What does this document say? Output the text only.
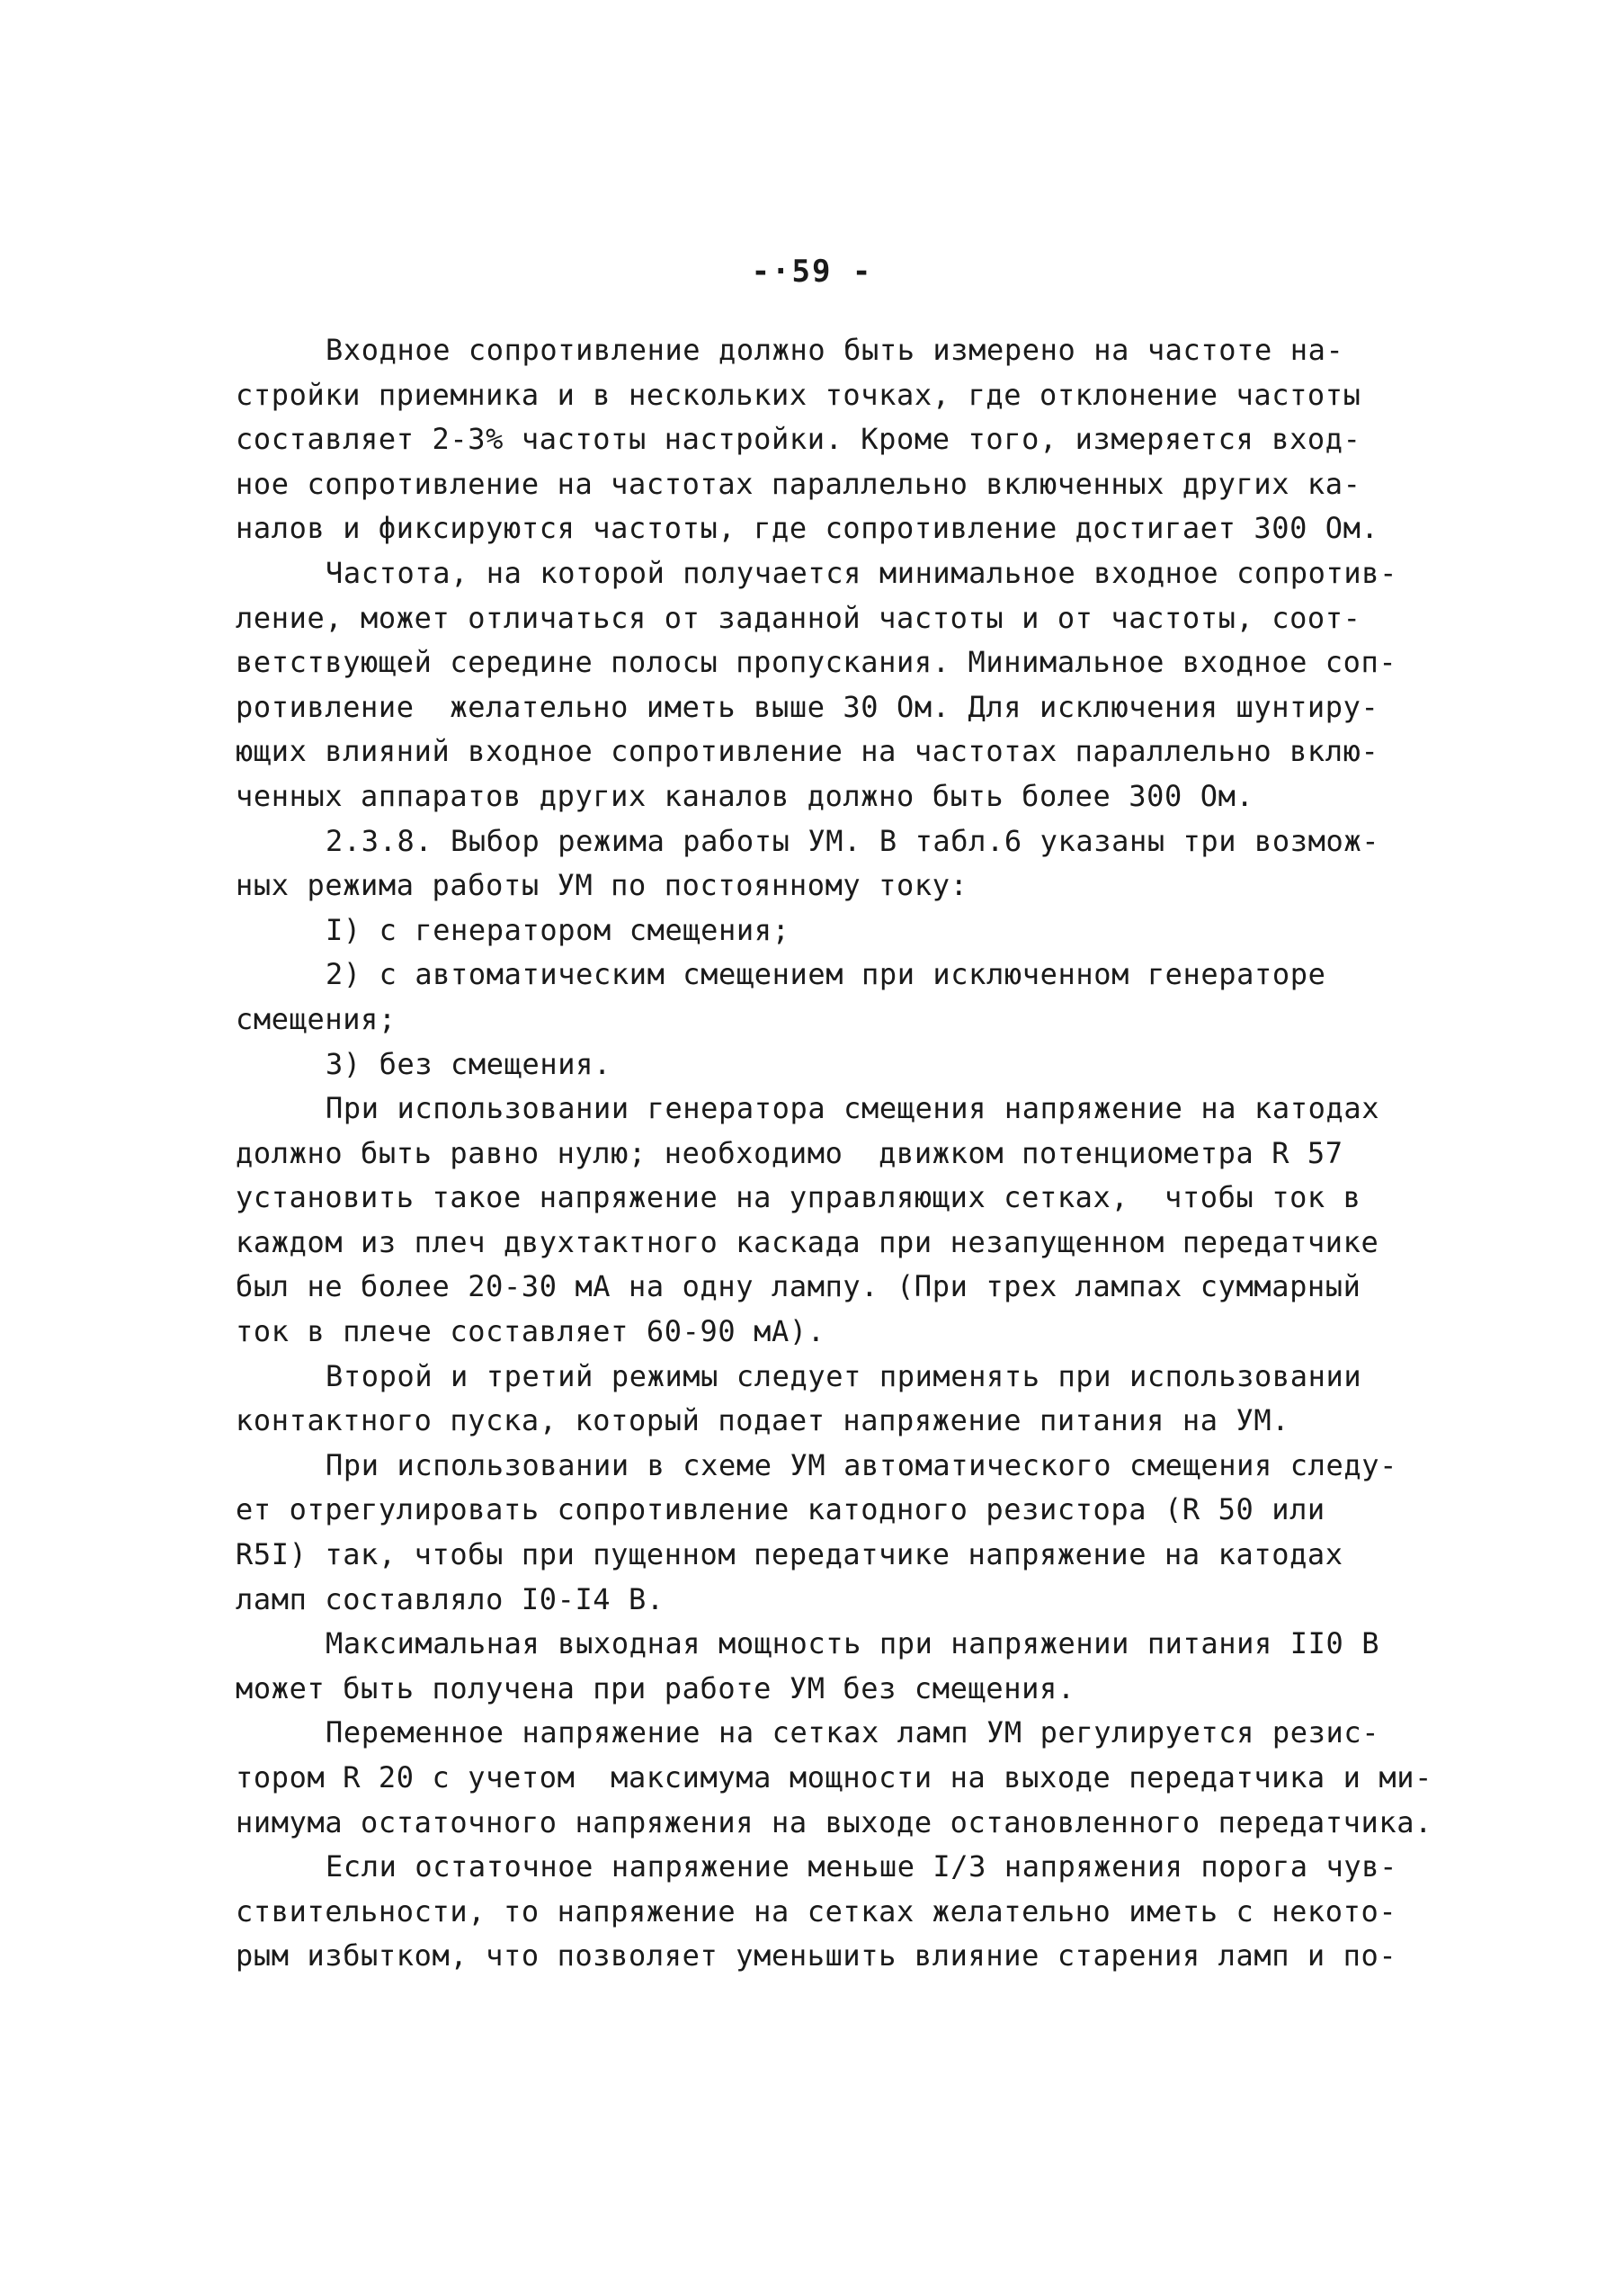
-·59 -
Входное сопротивление должно быть измерено на частоте на-
стройки приемника и в нескольких точках, где отклонение частоты
составляет 2-3% частоты настройки. Кроме того, измеряется вход-
ное сопротивление на частотах параллельно включенных других ка-
налов и фиксируются частоты, где сопротивление достигает 300 Ом.
Частота, на которой получается минимальное входное сопротив-
ление, может отличаться от заданной частоты и от частоты, соот-
ветствующей середине полосы пропускания. Минимальное входное соп-
ротивление  желательно иметь выше 30 Ом. Для исключения шунтиру-
ющих влияний входное сопротивление на частотах параллельно вклю-
ченных аппаратов других каналов должно быть более 300 Ом.
2.3.8. Выбор режима работы УМ. В табл.6 указаны три возмож-
ных режима работы УМ по постоянному току:
I) с генератором смещения;
2) с автоматическим смещением при исключенном генераторе
смещения;
3) без смещения.
При использовании генератора смещения напряжение на катодах
должно быть равно нулю; необходимо  движком потенциометра R 57
установить такое напряжение на управляющих сетках,  чтобы ток в
каждом из плеч двухтактного каскада при незапущенном передатчике
был не более 20-30 мА на одну лампу. (При трех лампах суммарный
ток в плече составляет 60-90 мА).
Второй и третий режимы следует применять при использовании
контактного пуска, который подает напряжение питания на УМ.
При использовании в схеме УМ автоматического смещения следу-
ет отрегулировать сопротивление катодного резистора (R 50 или
R5I) так, чтобы при пущенном передатчике напряжение на катодах
ламп составляло I0-I4 В.
Максимальная выходная мощность при напряжении питания II0 В
может быть получена при работе УМ без смещения.
Переменное напряжение на сетках ламп УМ регулируется резис-
тором R 20 с учетом  максимума мощности на выходе передатчика и ми-
нимума остаточного напряжения на выходе остановленного передатчика.
Если остаточное напряжение меньше I/3 напряжения порога чув-
ствительности, то напряжение на сетках желательно иметь с некото-
рым избытком, что позволяет уменьшить влияние старения ламп и по-
